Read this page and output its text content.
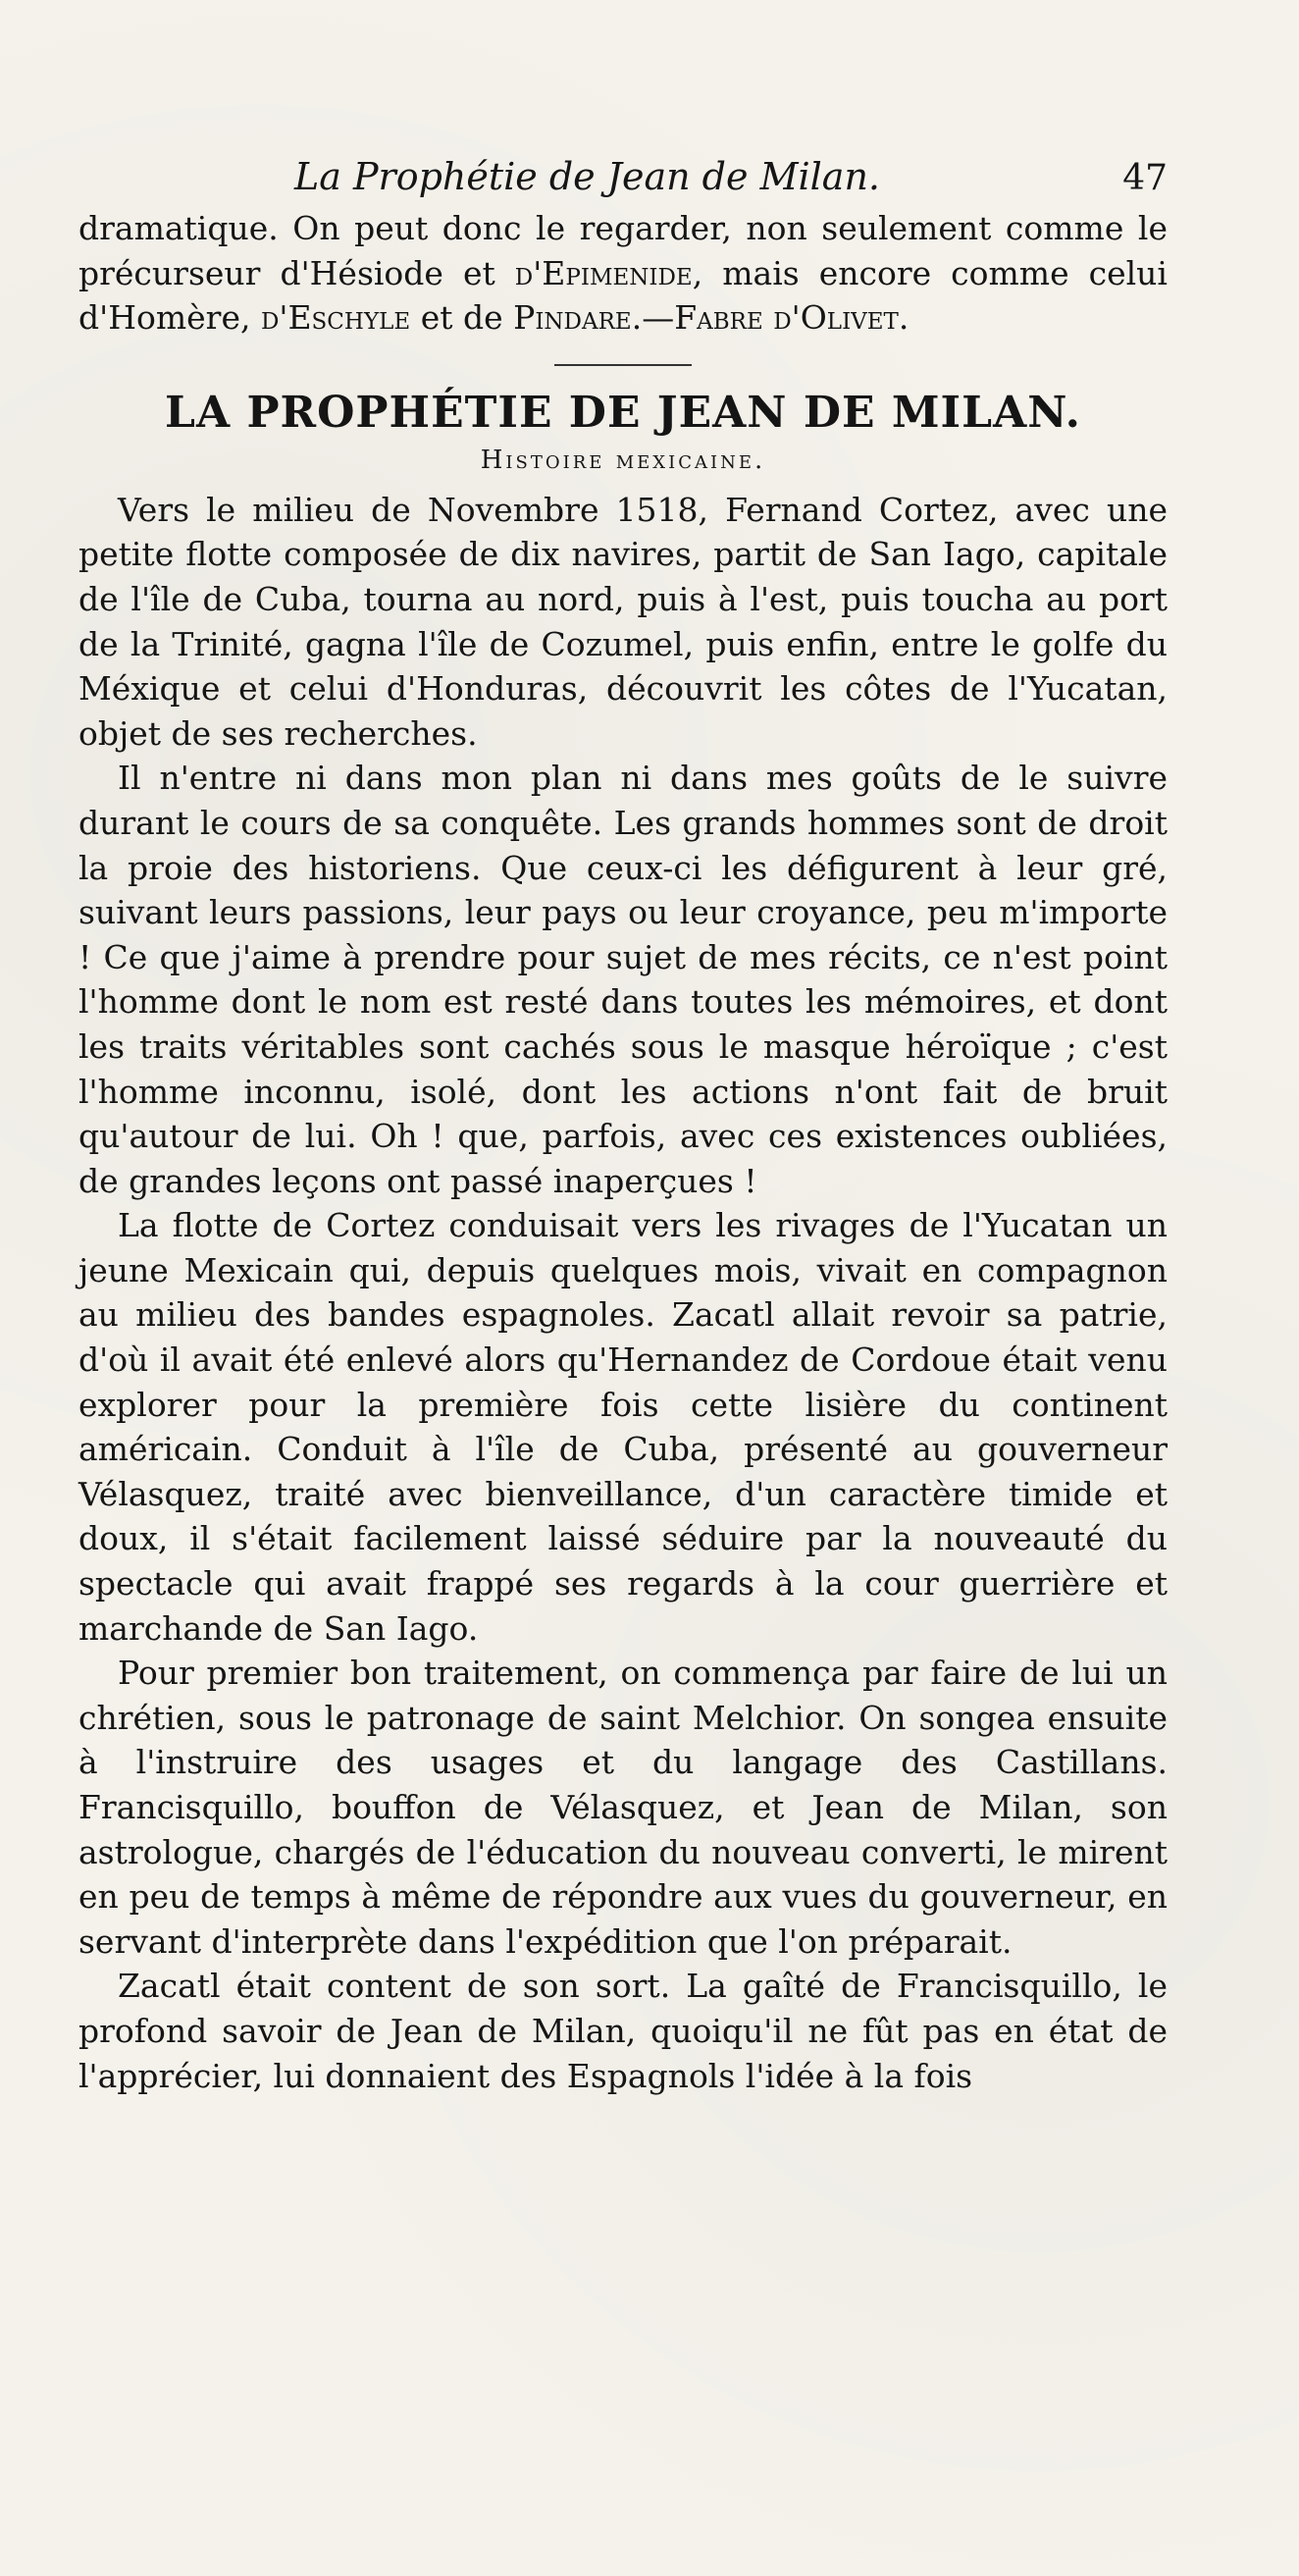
La Prophétie de Jean de Milan.	47

dramatique. On peut donc le regarder, non seulement comme le précurseur d'Hésiode et d'Epimenide, mais encore comme celui d'Homère, d'Eschyle et de Pindare.—Fabre d'Olivet.

LA PROPHÉTIE DE JEAN DE MILAN.
Histoire mexicaine.

Vers le milieu de Novembre 1518, Fernand Cortez, avec une petite flotte composée de dix navires, partit de San Iago, capitale de l'île de Cuba, tourna au nord, puis à l'est, puis toucha au port de la Trinité, gagna l'île de Cozumel, puis enfin, entre le golfe du Méxique et celui d'Honduras, découvrit les côtes de l'Yucatan, objet de ses recherches.

Il n'entre ni dans mon plan ni dans mes goûts de le suivre durant le cours de sa conquête. Les grands hommes sont de droit la proie des historiens. Que ceux-ci les défigurent à leur gré, suivant leurs passions, leur pays ou leur croyance, peu m'importe ! Ce que j'aime à prendre pour sujet de mes récits, ce n'est point l'homme dont le nom est resté dans toutes les mémoires, et dont les traits véritables sont cachés sous le masque héroïque ; c'est l'homme inconnu, isolé, dont les actions n'ont fait de bruit qu'autour de lui. Oh ! que, parfois, avec ces existences oubliées, de grandes leçons ont passé inaperçues !

La flotte de Cortez conduisait vers les rivages de l'Yucatan un jeune Mexicain qui, depuis quelques mois, vivait en compagnon au milieu des bandes espagnoles. Zacatl allait revoir sa patrie, d'où il avait été enlevé alors qu'Hernandez de Cordoue était venu explorer pour la première fois cette lisière du continent américain. Conduit à l'île de Cuba, présenté au gouverneur Vélasquez, traité avec bienveillance, d'un caractère timide et doux, il s'était facilement laissé séduire par la nouveauté du spectacle qui avait frappé ses regards à la cour guerrière et marchande de San Iago.

Pour premier bon traitement, on commença par faire de lui un chrétien, sous le patronage de saint Melchior. On songea ensuite à l'instruire des usages et du langage des Castillans. Francisquillo, bouffon de Vélasquez, et Jean de Milan, son astrologue, chargés de l'éducation du nouveau converti, le mirent en peu de temps à même de répondre aux vues du gouverneur, en servant d'interprète dans l'expédition que l'on préparait.

Zacatl était content de son sort. La gaîté de Francisquillo, le profond savoir de Jean de Milan, quoiqu'il ne fût pas en état de l'apprécier, lui donnaient des Espagnols l'idée à la fois
